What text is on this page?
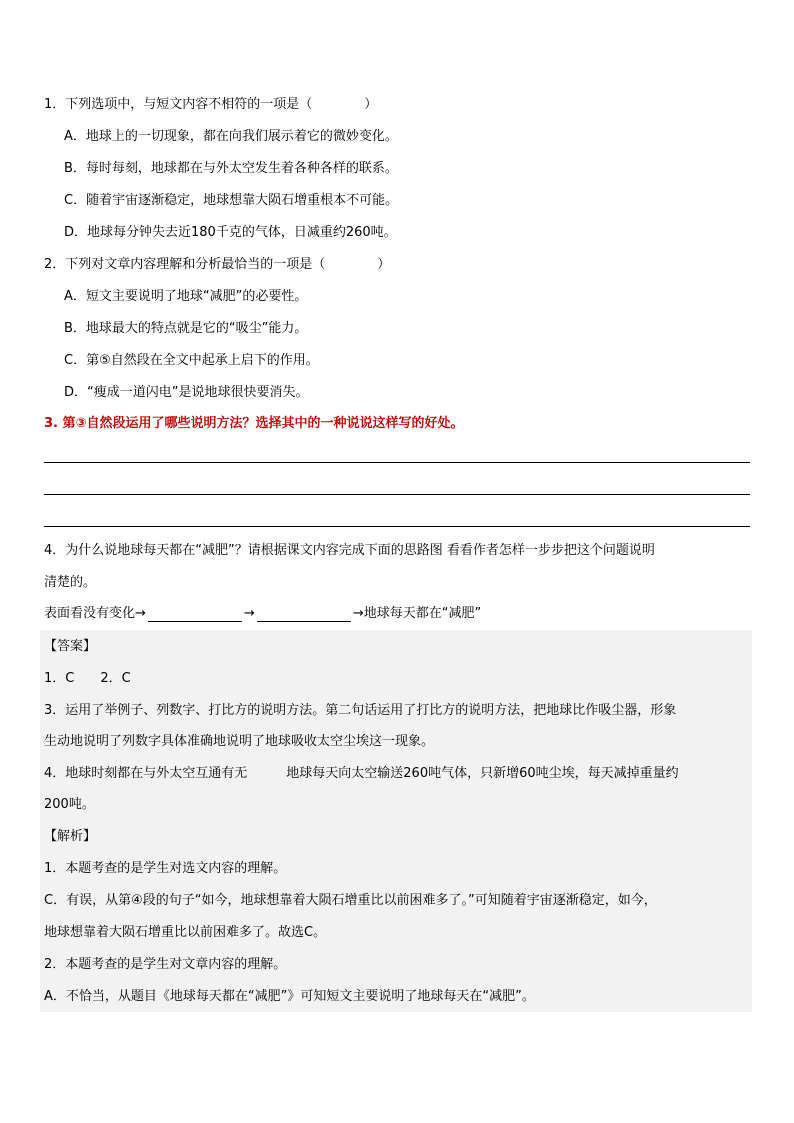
1．下列选项中，与短文内容不相符的一项是（　　　　）
A．地球上的一切现象，都在向我们展示着它的微妙变化。
B．每时每刻，地球都在与外太空发生着各种各样的联系。
C．随着宇宙逐渐稳定，地球想靠大陨石增重根本不可能。
D．地球每分钟失去近180千克的气体，日减重约260吨。
2．下列对文章内容理解和分析最恰当的一项是（　　　　）
A．短文主要说明了地球“减肥”的必要性。
B．地球最大的特点就是它的“吸尘”能力。
C．第⑤自然段在全文中起承上启下的作用。
D．“瘦成一道闪电”是说地球很快要消失。
3. 第③自然段运用了哪些说明方法？选择其中的一种说说这样写的好处。
4．为什么说地球每天都在“减肥”？请根据课文内容完成下面的思路图 看看作者怎样一步步把这个问题说明
清楚的。
表面看没有变化 →	→	→ 地球每天都在“减肥”
【答案】
1．C　　2．C
3．运用了举例子、列数字、打比方的说明方法。第二句话运用了打比方的说明方法，把地球比作吸尘器，形象
生动地说明了列数字具体准确地说明了地球吸收太空尘埃这一现象。
4．地球时刻都在与外太空互通有无　　　地球每天向太空输送260吨气体，只新增60吨尘埃，每天减掉重量约
200吨。
【解析】
1．本题考查的是学生对选文内容的理解。
C．有误，从第④段的句子“如今，地球想靠着大陨石增重比以前困难多了。”可知随着宇宙逐渐稳定，如今，
地球想靠着大陨石增重比以前困难多了。故选C。
2．本题考查的是学生对文章内容的理解。
A．不恰当，从题目《地球每天都在“减肥”》可知短文主要说明了地球每天在“减肥”。
